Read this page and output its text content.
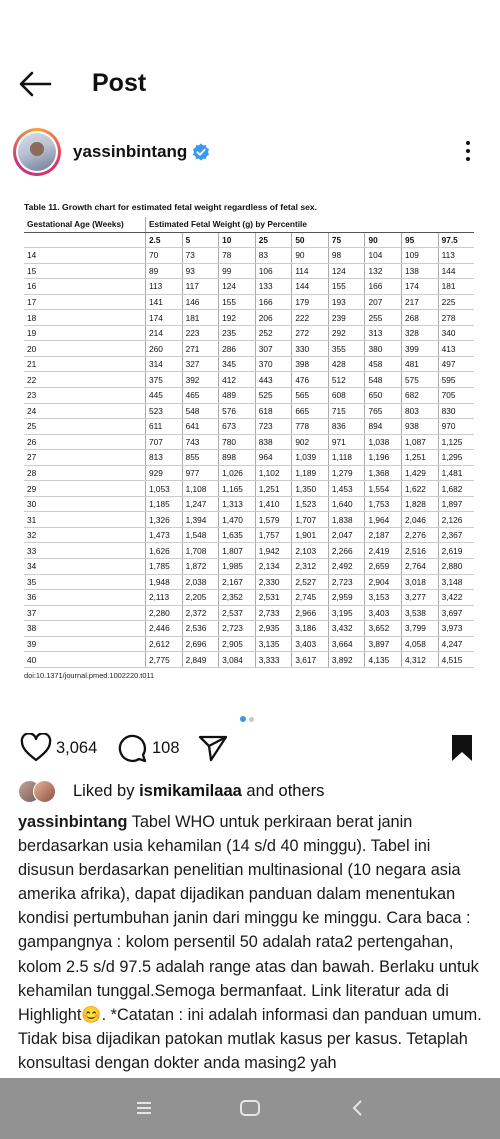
Post
yassinbintang
Table 11. Growth chart for estimated fetal weight regardless of fetal sex.
Gestational Age (Weeks)	Estimated Fetal Weight (g) by Percentile								
	2.5	5	10	25	50	75	90	95	97.5
14	70	73	78	83	90	98	104	109	113
15	89	93	99	106	114	124	132	138	144
16	113	117	124	133	144	155	166	174	181
17	141	146	155	166	179	193	207	217	225
18	174	181	192	206	222	239	255	268	278
19	214	223	235	252	272	292	313	328	340
20	260	271	286	307	330	355	380	399	413
21	314	327	345	370	398	428	458	481	497
22	375	392	412	443	476	512	548	575	595
23	445	465	489	525	565	608	650	682	705
24	523	548	576	618	665	715	765	803	830
25	611	641	673	723	778	836	894	938	970
26	707	743	780	838	902	971	1,038	1,087	1,125
27	813	855	898	964	1,039	1,118	1,196	1,251	1,295
28	929	977	1,026	1,102	1,189	1,279	1,368	1,429	1,481
29	1,053	1,108	1,165	1,251	1,350	1,453	1,554	1,622	1,682
30	1,185	1,247	1,313	1,410	1,523	1,640	1,753	1,828	1,897
31	1,326	1,394	1,470	1,579	1,707	1,838	1,964	2,046	2,126
32	1,473	1,548	1,635	1,757	1,901	2,047	2,187	2,276	2,367
33	1,626	1,708	1,807	1,942	2,103	2,266	2,419	2,516	2,619
34	1,785	1,872	1,985	2,134	2,312	2,492	2,659	2,764	2,880
35	1,948	2,038	2,167	2,330	2,527	2,723	2,904	3,018	3,148
36	2,113	2,205	2,352	2,531	2,745	2,959	3,153	3,277	3,422
37	2,280	2,372	2,537	2,733	2,966	3,195	3,403	3,538	3,697
38	2,446	2,536	2,723	2,935	3,186	3,432	3,652	3,799	3,973
39	2,612	2,696	2,905	3,135	3,403	3,664	3,897	4,058	4,247
40	2,775	2,849	3,084	3,333	3,617	3,892	4,135	4,312	4,515
doi:10.1371/journal.pmed.1002220.t011
3,064	108
Liked by ismikamilaaa and others
yassinbintang Tabel WHO untuk perkiraan berat janin berdasarkan usia kehamilan (14 s/d 40 minggu). Tabel ini disusun berdasarkan penelitian multinasional (10 negara asia amerika afrika), dapat dijadikan panduan dalam menentukan kondisi pertumbuhan janin dari minggu ke minggu. Cara baca : gampangnya : kolom persentil 50 adalah rata2 pertengahan, kolom 2.5 s/d 97.5 adalah range atas dan bawah. Berlaku untuk kehamilan tunggal.Semoga bermanfaat. Link literatur ada di Highlight😊. *Catatan : ini adalah informasi dan panduan umum. Tidak bisa dijadikan patokan mutlak kasus per kasus. Tetaplah konsultasi dengan dokter anda masing2 yah
